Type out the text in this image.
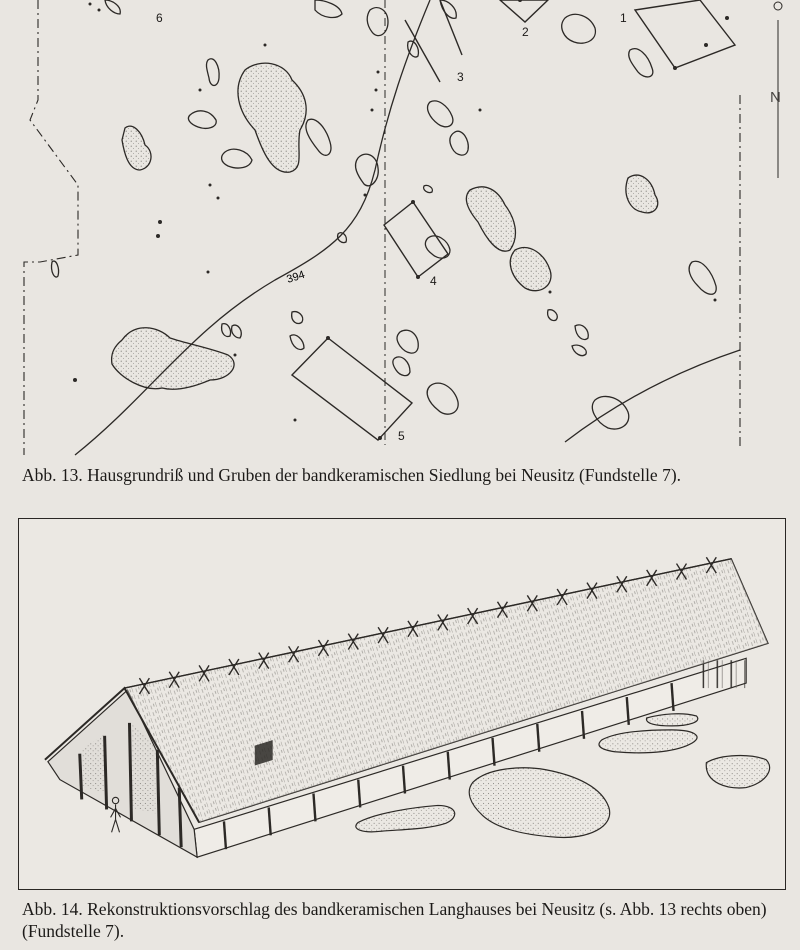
394
N
6
2
1
3
4
5
Abb. 13. Hausgrundriß und Gruben der bandkeramischen Siedlung bei Neusitz (Fundstelle 7).
Abb. 14. Rekonstruktionsvorschlag des bandkeramischen Langhauses bei Neusitz (s. Abb. 13 rechts oben) (Fundstelle 7).
